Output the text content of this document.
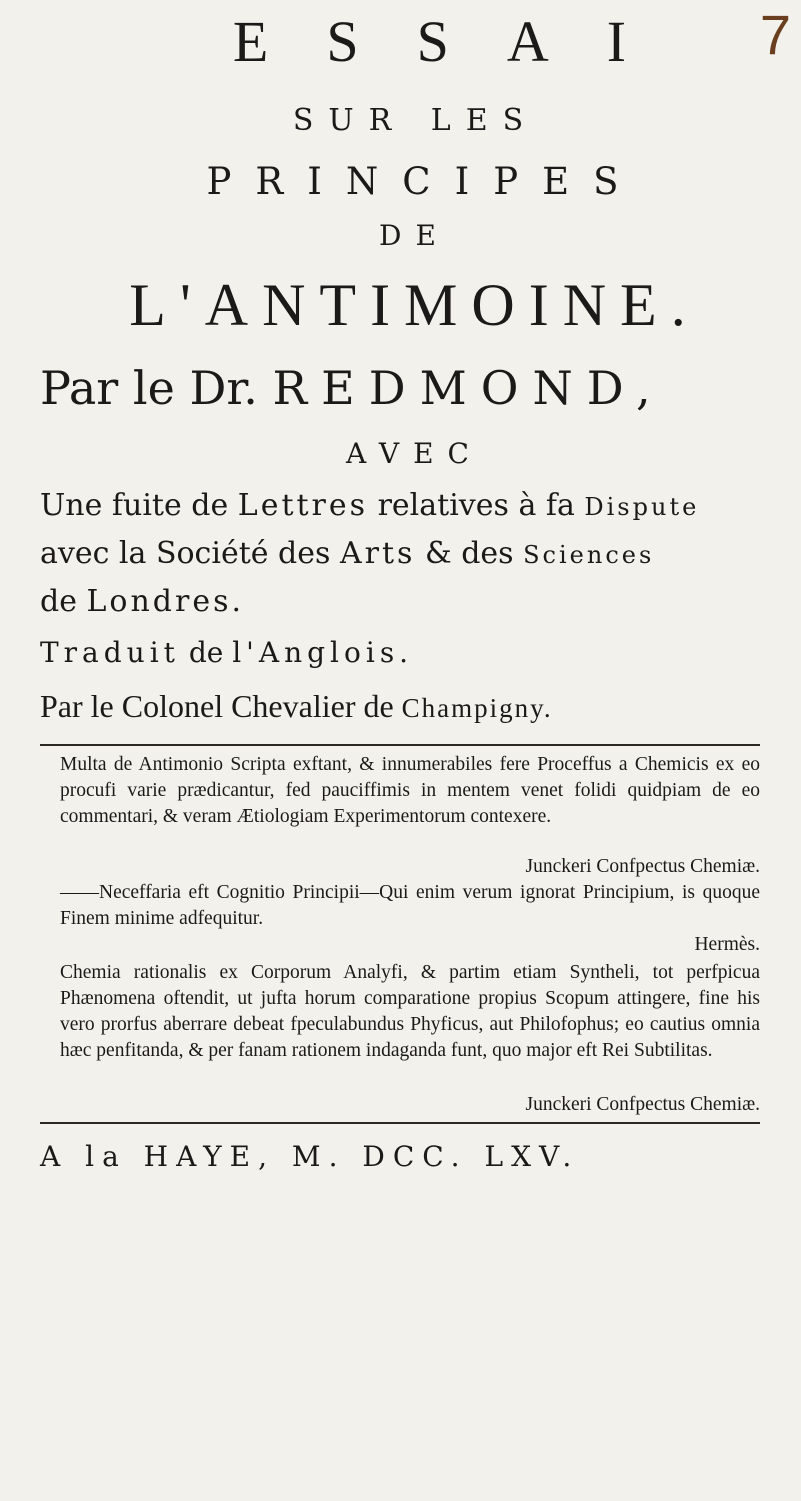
7
ESSAI
SUR LES
PRINCIPES
DE
L'ANTIMOINE.
Par le Dr. REDMOND,
AVEC
Une fuite de Lettres relatives à fa Dispute
avec la Société des Arts & des Sciences
de Londres.
Traduit de l'Anglois.
Par le Colonel Chevalier de Champigny.
Multa de Antimonio Scripta exftant, & innumerabiles fere Proceffus a Chemicis ex eo procufi varie prædicantur, fed pauciffimis in mentem venet folidi quidpiam de eo commentari, & veram Ætiologiam Experimentorum contexere.
Junckeri Confpectus Chemiæ.
——Neceffaria eft Cognitio Principii—Qui enim verum ignorat Principium, is quoque Finem minime adfequitur.
Hermès.
Chemia rationalis ex Corporum Analyfi, & partim etiam Syntheli, tot perfpicua Phænomena oftendit, ut jufta horum comparatione propius Scopum attingere, fine his vero prorfus aberrare debeat fpeculabundus Phyficus, aut Philofophus; eo cautius omnia hæc penfitanda, & per fanam rationem indaganda funt, quo major eft Rei Subtilitas.
Junckeri Confpectus Chemiæ.
A la HAYE, M. DCC. LXV.
